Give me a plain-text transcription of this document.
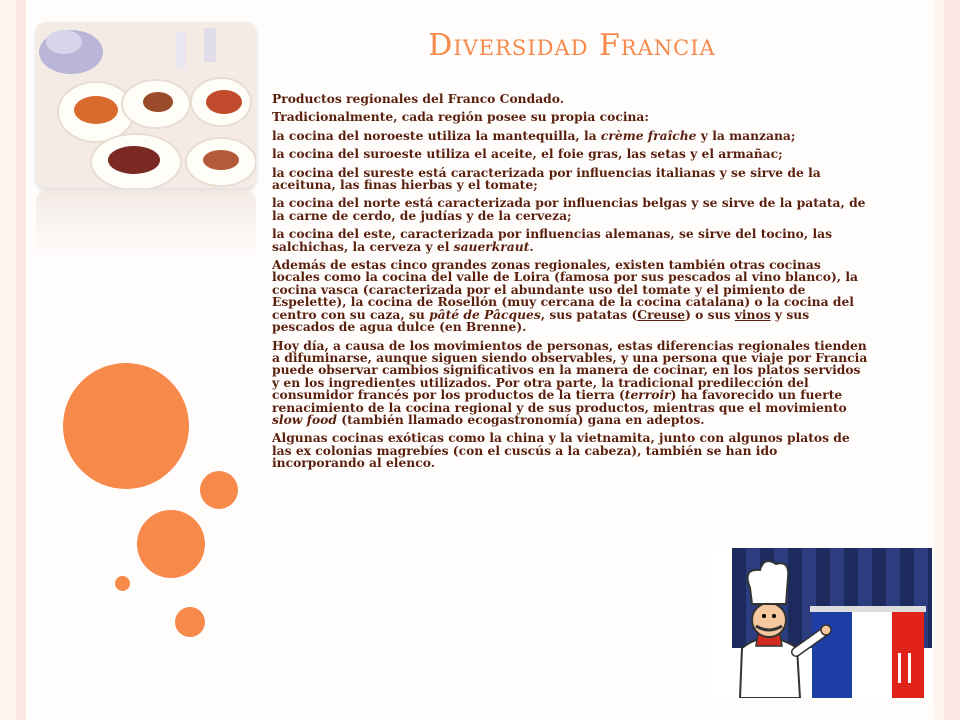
Diversidad Francia

Productos regionales del Franco Condado.

Tradicionalmente, cada región posee su propia cocina:

la cocina del noroeste utiliza la mantequilla, la crème fraîche y la manzana;

la cocina del suroeste utiliza el aceite, el foie gras, las setas y el armañac;

la cocina del sureste está caracterizada por influencias italianas y se sirve de la aceituna, las finas hierbas y el tomate;

la cocina del norte está caracterizada por influencias belgas y se sirve de la patata, de la carne de cerdo, de judías y de la cerveza;

la cocina del este, caracterizada por influencias alemanas, se sirve del tocino, las salchichas, la cerveza y el sauerkraut.

Además de estas cinco grandes zonas regionales, existen también otras cocinas locales como la cocina del valle de Loira (famosa por sus pescados al vino blanco), la cocina vasca (caracterizada por el abundante uso del tomate y el pimiento de Espelette), la cocina de Rosellón (muy cercana de la cocina catalana) o la cocina del centro con su caza, su pâté de Pâcques, sus patatas (Creuse) o sus vinos y sus pescados de agua dulce (en Brenne).

Hoy día, a causa de los movimientos de personas, estas diferencias regionales tienden a difuminarse, aunque siguen siendo observables, y una persona que viaje por Francia puede observar cambios significativos en la manera de cocinar, en los platos servidos y en los ingredientes utilizados. Por otra parte, la tradicional predilección del consumidor francés por los productos de la tierra (terroir) ha favorecido un fuerte renacimiento de la cocina regional y de sus productos, mientras que el movimiento slow food (también llamado ecogastronomía) gana en adeptos.

Algunas cocinas exóticas como la china y la vietnamita, junto con algunos platos de las ex colonias magrebíes (con el cuscús a la cabeza), también se han ido incorporando al elenco.
